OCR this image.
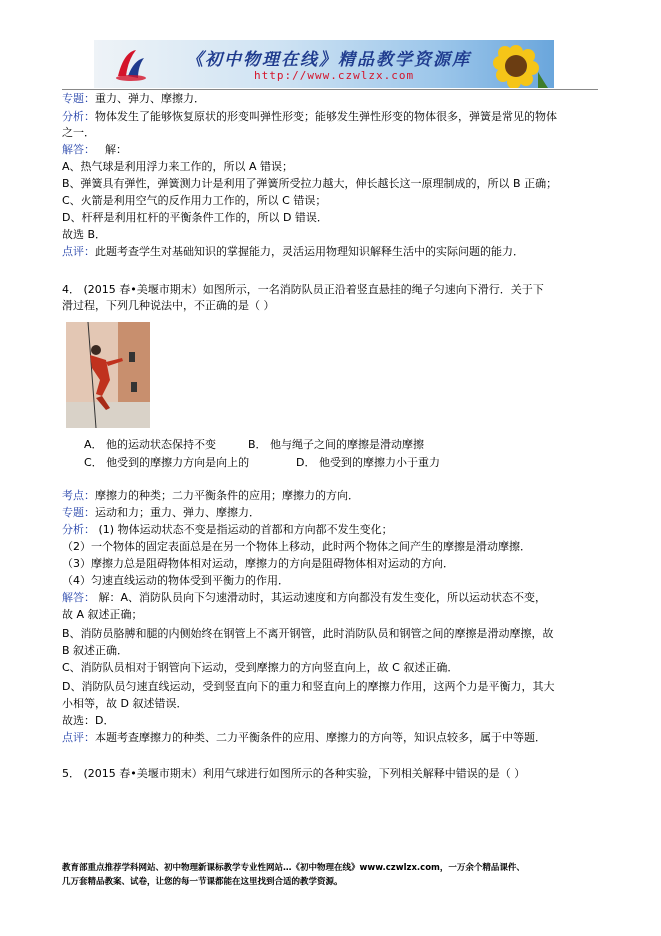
《初中物理在线》精品教学资源库
http://www.czwlzx.com
专题：重力、弹力、摩擦力．
分析：物体发生了能够恢复原状的形变叫弹性形变；能够发生弹性形变的物体很多，弹簧是常见的物体
之一．
解答： 解：
A、热气球是利用浮力来工作的，所以 A 错误；
B、弹簧具有弹性，弹簧测力计是利用了弹簧所受拉力越大，伸长越长这一原理制成的，所以 B 正确；
C、火箭是利用空气的反作用力工作的，所以 C 错误；
D、杆秤是利用杠杆的平衡条件工作的，所以 D 错误．
故选 B．
点评：此题考查学生对基础知识的掌握能力，灵活运用物理知识解释生活中的实际问题的能力．
4． (2015 春•美堰市期末）如图所示，一名消防队员正沿着竖直悬挂的绳子匀速向下滑行．关于下
滑过程，下列几种说法中，不正确的是（ ）
A． 他的运动状态保持不变	B． 他与绳子之间的摩擦是滑动摩擦
C． 他受到的摩擦力方向是向上的	D． 他受到的摩擦力小于重力
考点：摩擦力的种类；二力平衡条件的应用；摩擦力的方向．
专题：运动和力；重力、弹力、摩擦力．
分析： (1) 物体运动状态不变是指运动的首都和方向都不发生变化；
（2）一个物体的固定表面总是在另一个物体上移动，此时两个物体之间产生的摩擦是滑动摩擦．
（3）摩擦力总是阻碍物体相对运动，摩擦力的方向是阻碍物体相对运动的方向．
（4）匀速直线运动的物体受到平衡力的作用．
解答： 解：A、消防队员向下匀速滑动时，其运动速度和方向都没有发生变化，所以运动状态不变，
故 A 叙述正确；
B、消防员胳膊和腿的内侧始终在钢管上不离开钢管，此时消防队员和钢管之间的摩擦是滑动摩擦，故
B 叙述正确．
C、消防队员相对于钢管向下运动，受到摩擦力的方向竖直向上，故 C 叙述正确．
D、消防队员匀速直线运动，受到竖直向下的重力和竖直向上的摩擦力作用，这两个力是平衡力，其大
小相等，故 D 叙述错误．
故选：D．
点评：本题考查摩擦力的种类、二力平衡条件的应用、摩擦力的方向等，知识点较多，属于中等题．
5． (2015 春•美堰市期末）利用气球进行如图所示的各种实验，下列相关解释中错误的是（ ）
教育部重点推荐学科网站、初中物理新课标教学专业性网站…《初中物理在线》www.czwlzx.com，一万余个精品课件、
几万套精品教案、试卷，让您的每一节课都能在这里找到合适的教学资源。
